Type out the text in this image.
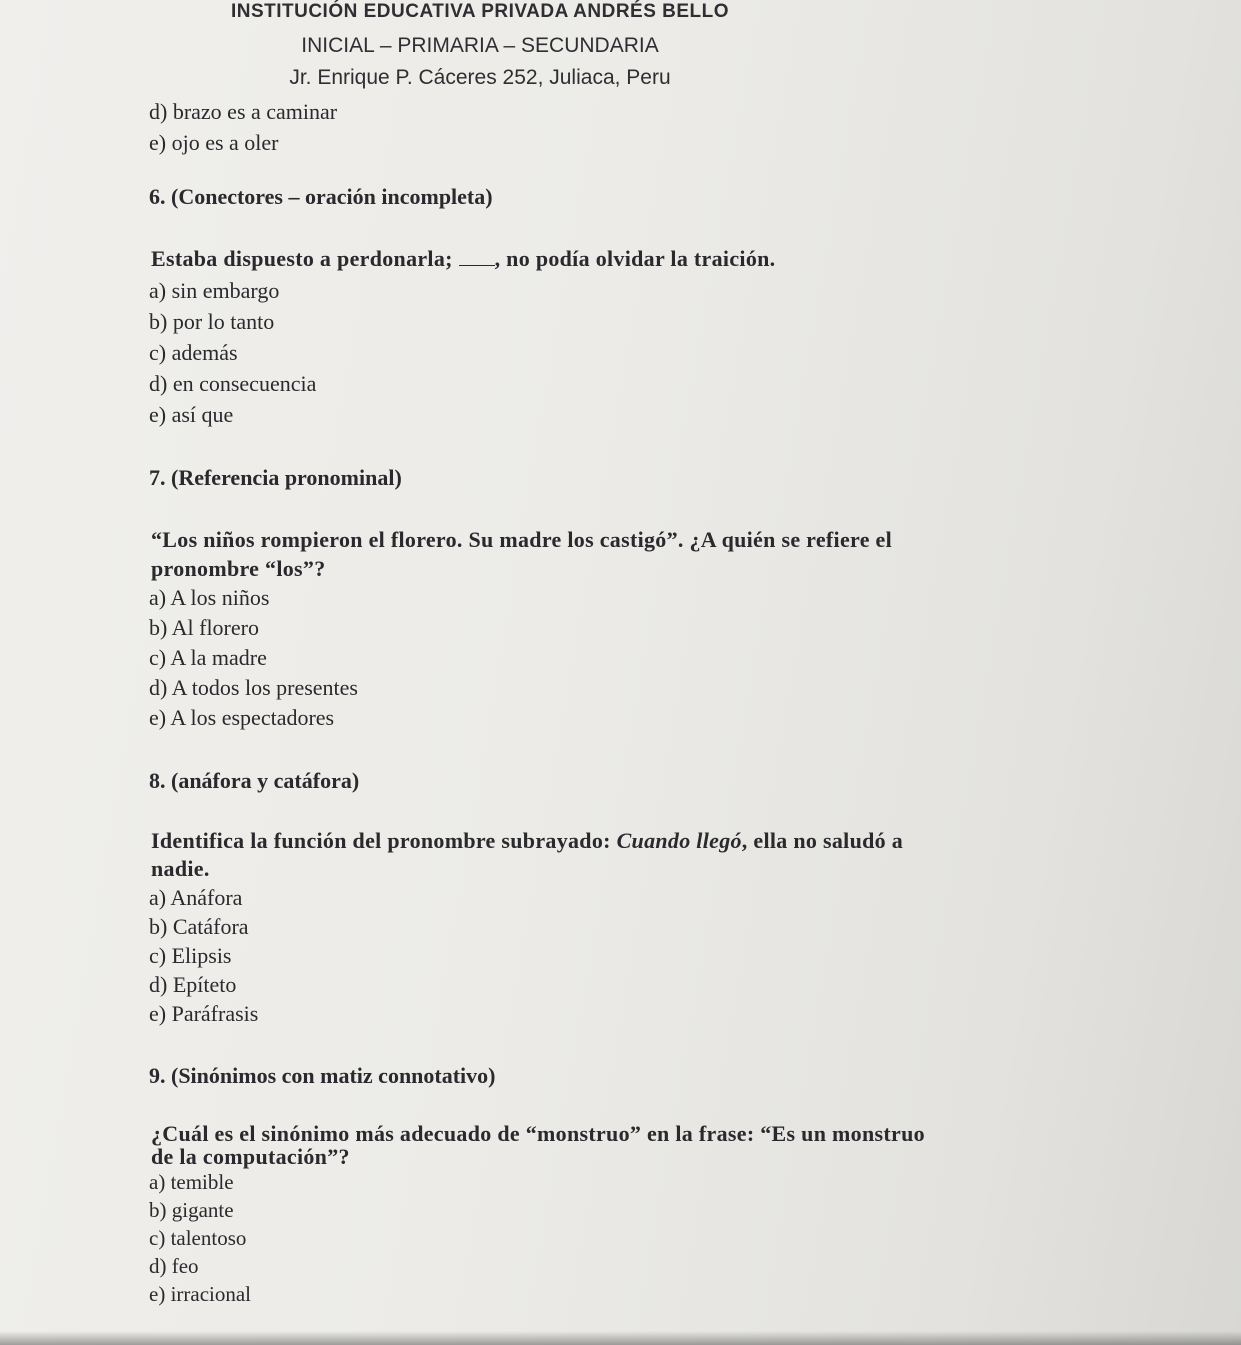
INSTITUCIÓN EDUCATIVA PRIVADA ANDRÉS BELLO
INICIAL – PRIMARIA – SECUNDARIA
Jr. Enrique P. Cáceres 252, Juliaca, Peru

d) brazo es a caminar

e) ojo es a oler

6. (Conectores – oración incompleta)

Estaba dispuesto a perdonarla; , no podía olvidar la traición.

a) sin embargo

b) por lo tanto

c) además

d) en consecuencia

e) así que

7. (Referencia pronominal)

“Los niños rompieron el florero. Su madre los castigó”. ¿A quién se refiere el

pronombre “los”?

a) A los niños

b) Al florero

c) A la madre

d) A todos los presentes

e) A los espectadores

8. (anáfora y catáfora)

Identifica la función del pronombre subrayado: Cuando llegó, ella no saludó a

nadie.

a) Anáfora

b) Catáfora

c) Elipsis

d) Epíteto

e) Paráfrasis

9. (Sinónimos con matiz connotativo)

¿Cuál es el sinónimo más adecuado de “monstruo” en la frase: “Es un monstruo

de la computación”?

a) temible

b) gigante

c) talentoso

d) feo

e) irracional
